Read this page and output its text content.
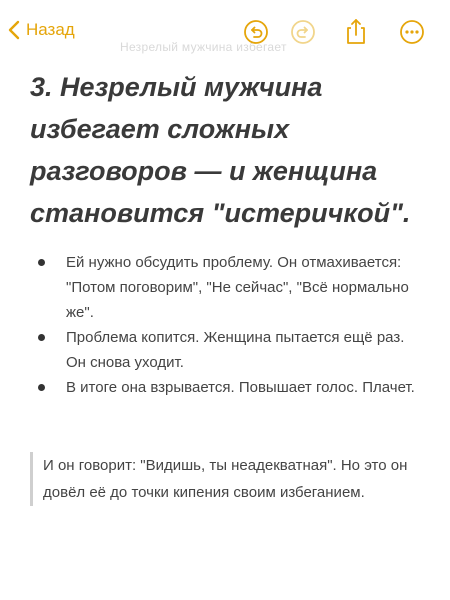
Назад
Незрелый мужчина избегает
3. Незрелый мужчина избегает сложных разговоров — и женщина становится "истеричкой".
Ей нужно обсудить проблему. Он отмахивается: "Потом поговорим", "Не сейчас", "Всё нормально же".
Проблема копится. Женщина пытается ещё раз. Он снова уходит.
В итоге она взрывается. Повышает голос. Плачет.
И он говорит: "Видишь, ты неадекватная". Но это он довёл её до точки кипения своим избеганием.
